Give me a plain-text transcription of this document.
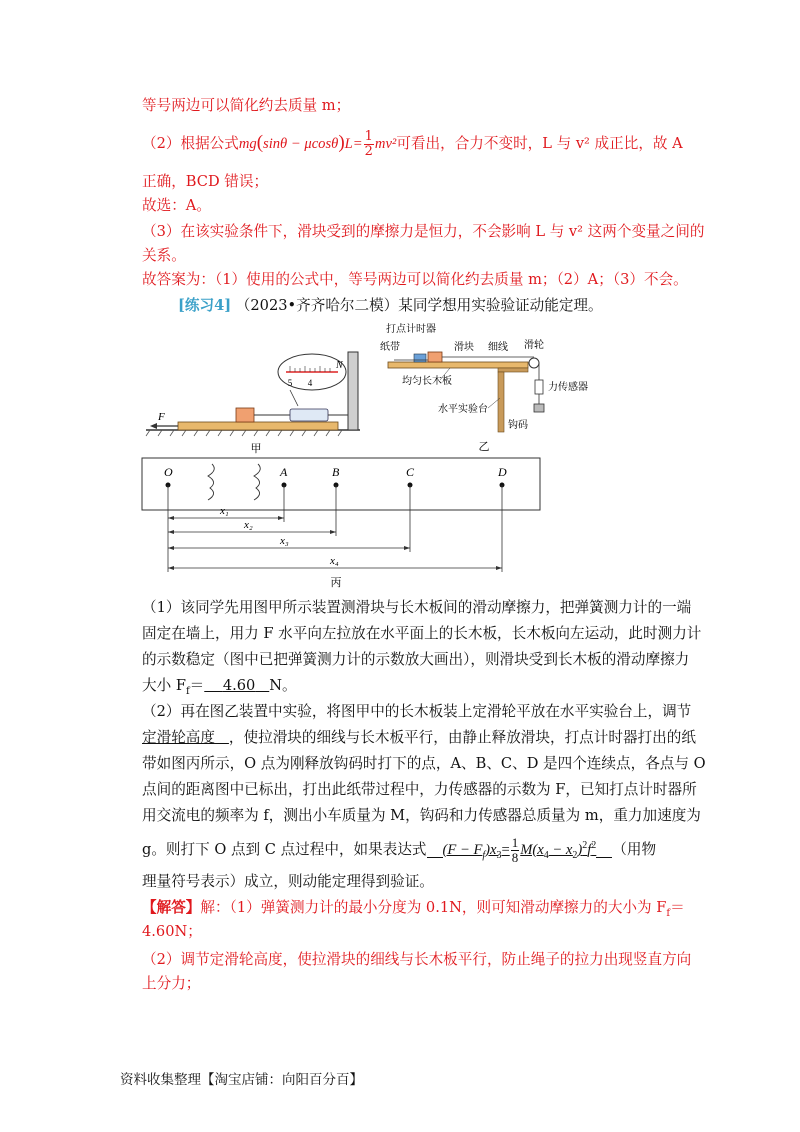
等号两边可以简化约去质量 m；
（2）根据公式$mg(\sin\theta - \mu\cos\theta)L= \frac{1}{2} mv^2$可看出，合力不变时，L 与 v² 成正比，故 A
正确，BCD 错误；
故选：A。
（3）在该实验条件下，滑块受到的摩擦力是恒力，不会影响 L 与 v² 这两个变量之间的
关系。
故答案为：（1）使用的公式中，等号两边可以简化约去质量 m；（2）A；（3）不会。
[练习4] （2023•齐齐哈尔二模）某同学想用实验验证动能定理。
5 4
N
F
甲
打点计时器
纸带	滑块 细线 滑轮
力传感器
钩码
均匀长木板
水平实验台
乙
O	A	B	C	D
x₁
x₂
x₃
x₄
丙
（1）该同学先用图甲所示装置测滑块与长木板间的滑动摩擦力，把弹簧测力计的一端
固定在墙上，用力 F 水平向左拉放在水平面上的长木板，长木板向左运动，此时测力计
的示数稳定（图中已把弹簧测力计的示数放大画出），则滑块受到长木板的滑动摩擦力
大小 $F_f= 4.60$ N。
（2）再在图乙装置中实验，将图甲中的长木板装上定滑轮平放在水平实验台上，调节
定滑轮高度 ，使拉滑块的细线与长木板平行，由静止释放滑块，打点计时器打出的纸
带如图丙所示，O 点为刚释放钩码时打下的点，A、B、C、D 是四个连续点，各点与 O
点间的距离图中已标出，打出此纸带过程中，力传感器的示数为 F，已知打点计时器所
用交流电的频率为 f，测出小车质量为 M，钩码和力传感器总质量为 m，重力加速度为
g。则打下 O 点到 C 点过程中，如果表达式 $(F - F_f)x_3= \frac{1}{8} M(x_4 - x_2)^2f^2$ （用物
理量符号表示）成立，则动能定理得到验证。
【解答】解：（1）弹簧测力计的最小分度为 0.1N，则可知滑动摩擦力的大小为 $F_f=$
4.60N；
（2）调节定滑轮高度，使拉滑块的细线与长木板平行，防止绳子的拉力出现竖直方向
上分力；
资料收集整理【淘宝店铺：向阳百分百】
